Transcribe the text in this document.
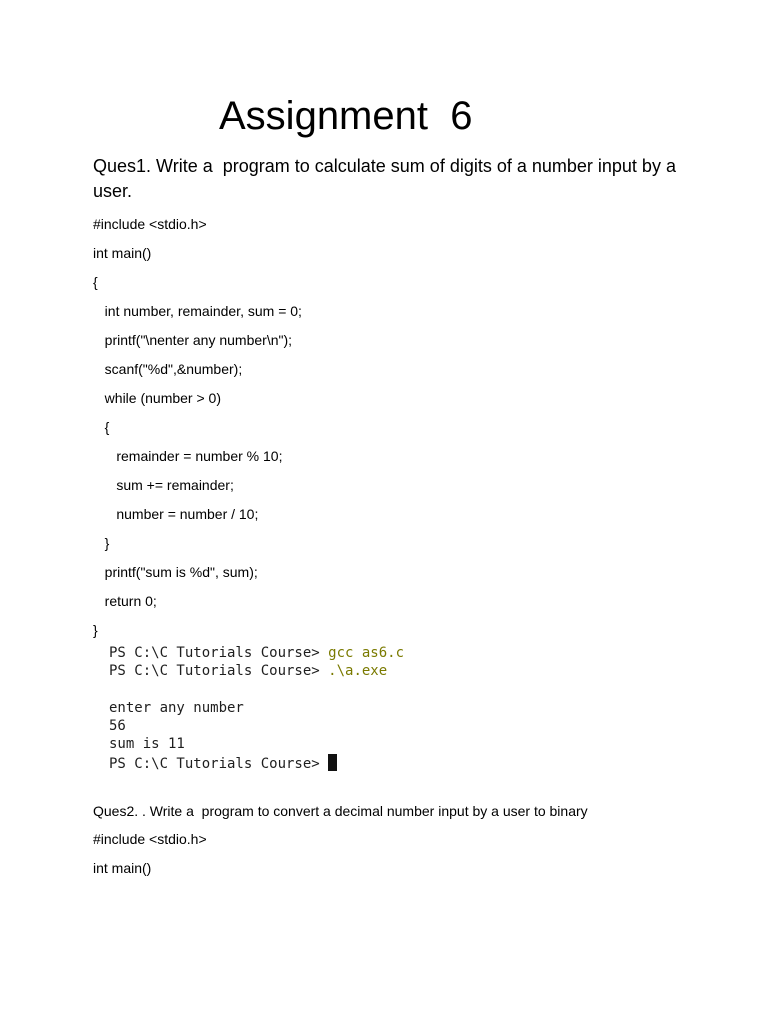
Assignment  6

Ques1. Write a  program to calculate sum of digits of a number input by a user.

#include <stdio.h>
int main()
{
int number, remainder, sum = 0;
printf("\nenter any number\n");
scanf("%d",&number);
while (number > 0)
{
remainder = number % 10;
sum += remainder;
number = number / 10;
}
printf("sum is %d", sum);
return 0;
}
PS C:\C Tutorials Course> gcc as6.c
PS C:\C Tutorials Course> .\a.exe
enter any number
56
sum is 11
PS C:\C Tutorials Course>

Ques2. . Write a  program to convert a decimal number input by a user to binary

#include <stdio.h>
int main()
